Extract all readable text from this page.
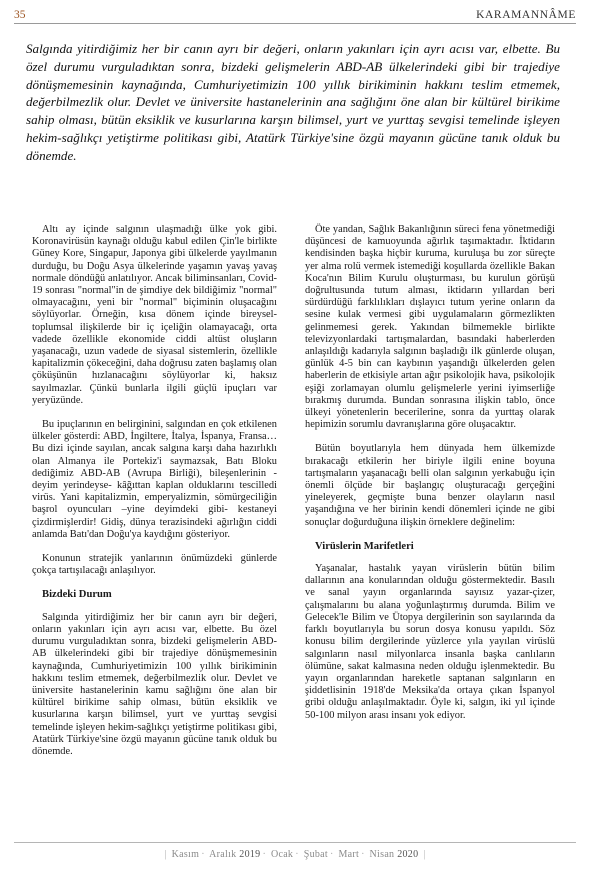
35	KARAMANNÂME

Salgında yitirdiğimiz her bir canın ayrı bir değeri, onların yakınları için ayrı acısı var, elbette. Bu özel durumu vurguladıktan sonra, bizdeki gelişmelerin ABD-AB ülkelerindeki gibi bir trajediye dönüşmemesinin kaynağında, Cumhuriyetimizin 100 yıllık birikiminin hakkını teslim etmemek, değerbilmezlik olur. Devlet ve üniversite hastanelerinin ana sağlığını öne alan bir kültürel birikime sahip olması, bütün eksiklik ve kusurlarına karşın bilimsel, yurt ve yurttaş sevgisi temelinde işleyen hekim-sağlıkçı yetiştirme politikası gibi, Atatürk Türkiye'sine özgü mayanın gücüne tanık olduk bu dönemde.

Altı ay içinde salgının ulaşmadığı ülke yok gibi. Koronavirüsün kaynağı olduğu kabul edilen Çin'le birlikte Güney Kore, Singapur, Japonya gibi ülkelerde yayılmanın durduğu, bu Doğu Asya ülkelerinde yaşamın yavaş yavaş normale döndüğü anlatılıyor. Ancak biliminsanları, Covid-19 sonrası "normal"in de şimdiye dek bildiğimiz "normal" olmayacağını, yeni bir "normal" biçiminin oluşacağını söylüyorlar. Örneğin, kısa dönem içinde bireysel-toplumsal ilişkilerde bir iç içeliğin olamayacağı, orta vadede özellikle ekonomide ciddi altüst oluşların yaşanacağı, uzun vadede de siyasal sistemlerin, özellikle kapitalizmin çökeceğini, daha doğrusu zaten başlamış olan çöküşünün hızlanacağını söylüyorlar ki, haksız sayılmazlar. Çünkü bunlarla ilgili güçlü ipuçları var yeryüzünde.

Bu ipuçlarının en belirginini, salgından en çok etkilenen ülkeler gösterdi: ABD, İngiltere, İtalya, İspanya, Fransa… Bu dizi içinde sayılan, ancak salgına karşı daha hazırlıklı olan Almanya ile Portekiz'i saymazsak, Batı Bloku dediğimiz ABD-AB (Avrupa Birliği), bileşenlerinin -deyim yerindeyse- kâğıttan kaplan olduklarını tescilledi virüs. Yani kapitalizmin, emperyalizmin, sömürgeciliğin başrol oyuncuları –yine deyimdeki gibi- kestaneyi çizdirmişlerdir! Gidiş, dünya terazisindeki ağırlığın ciddi anlamda Batı'dan Doğu'ya kaydığını gösteriyor.

Konunun stratejik yanlarının önümüzdeki günlerde çokça tartışılacağı anlaşılıyor.

Bizdeki Durum

Salgında yitirdiğimiz her bir canın ayrı bir değeri, onların yakınları için ayrı acısı var, elbette. Bu özel durumu vurguladıktan sonra, bizdeki gelişmelerin ABD-AB ülkelerindeki gibi bir trajediye dönüşmemesinin kaynağında, Cumhuriyetimizin 100 yıllık birikiminin hakkını teslim etmemek, değerbilmezlik olur. Devlet ve üniversite hastanelerinin kamu sağlığını öne alan bir kültürel birikime sahip olması, bütün eksiklik ve kusurlarına karşın bilimsel, yurt ve yurttaş sevgisi temelinde işleyen hekim-sağlıkçı yetiştirme politikası gibi, Atatürk Türkiye'sine özgü mayanın gücüne tanık olduk bu dönemde.

Öte yandan, Sağlık Bakanlığının süreci fena yönetmediği düşüncesi de kamuoyunda ağırlık taşımaktadır. İktidarın kendisinden başka hiçbir kuruma, kuruluşa bu zor süreçte yer alma rolü vermek istemediği koşullarda özellikle Bakan Koca'nın Bilim Kurulu oluşturması, bu kurulun görüşü doğrultusunda tutum alması, iktidarın yıllardan beri sürdürdüğü farklılıkları dışlayıcı tutum yerine onların da sesine kulak vermesi gibi uygulamaların görmezlikten gelinmemesi gerek. Yakından bilmemekle birlikte televizyonlardaki tartışmalardan, basındaki haberlerden anlaşıldığı kadarıyla salgının başladığı ilk günlerde oluşan, günlük 4-5 bin can kaybının yaşandığı ülkelerden gelen haberlerin de etkisiyle artan ağır psikolojik hava, psikolojik eşiği zorlamayan olumlu gelişmelerle yerini iyimserliğe bırakmış durumda. Bundan sonrasına ilişkin tablo, önce ülkeyi yönetenlerin becerilerine, sonra da yurttaş olarak hepimizin sorumlu davranışlarına göre oluşacaktır.

Bütün boyutlarıyla hem dünyada hem ülkemizde bırakacağı etkilerin her biriyle ilgili enine boyuna tartışmaların yaşanacağı belli olan salgının yerkabuğu için önemli ölçüde bir başlangıç oluşturacağı gerçeğini yineleyerek, geçmişte buna benzer olayların nasıl yaşandığına ve her birinin kendi dönemleri içinde ne gibi sonuçlar doğurduğuna ilişkin örneklere değinelim:

Virüslerin Marifetleri

Yaşanalar, hastalık yayan virüslerin bütün bilim dallarının ana konularından olduğu göstermektedir. Basılı ve sanal yayın organlarında sayısız yazar-çizer, çalışmalarını bu alana yoğunlaştırmış durumda. Bilim ve Gelecek'le Bilim ve Ütopya dergilerinin son sayılarında da farklı boyutlarıyla bu sorun dosya konusu yapıldı. Söz konusu bilim dergilerinde yüzlerce yıla yayılan virüslü salgınların nasıl milyonlarca insanla başka canlıların ölümüne, sakat kalmasına neden olduğu işlenmektedir. Bu yayın organlarından hareketle saptanan salgınların en şiddetlisinin 1918'de Meksika'da ortaya çıkan İspanyol gribi olduğu anlaşılmaktadır. Öyle ki, salgın, iki yıl içinde 50-100 milyon arası insanı yok ediyor.

| Kasım · Aralık 2019 · Ocak · Şubat · Mart · Nisan 2020 |
